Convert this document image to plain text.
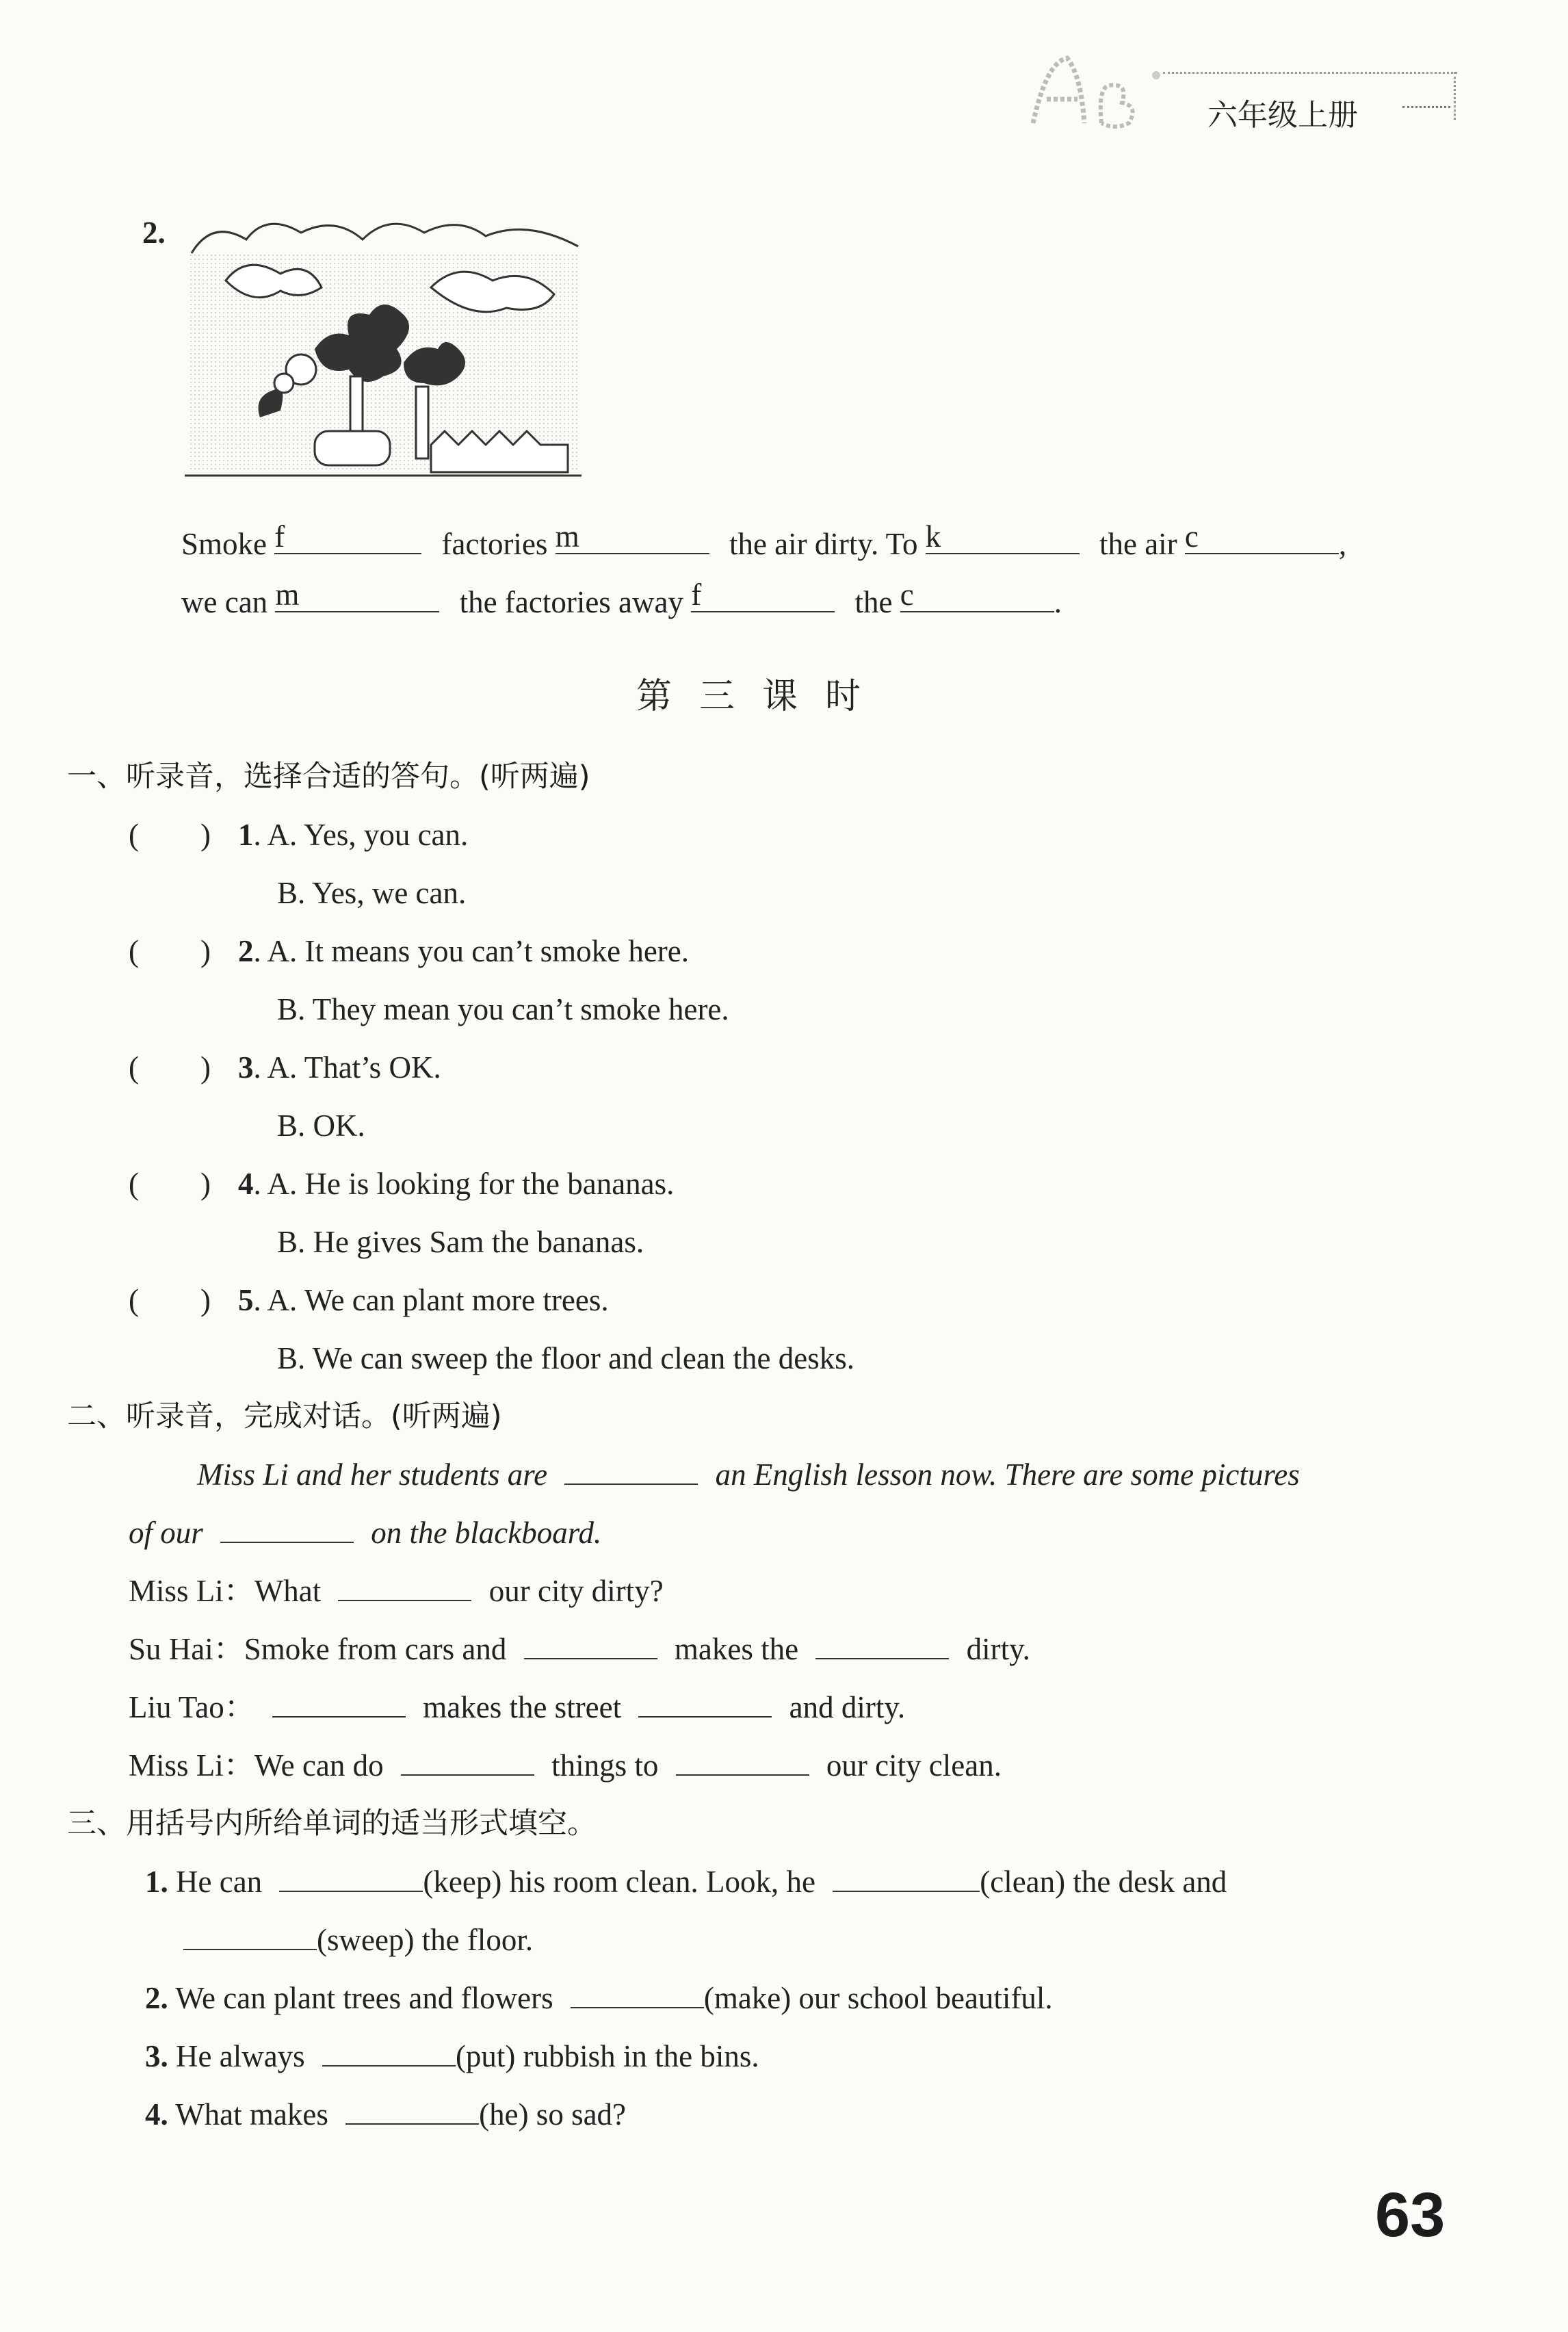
六年级上册
2.
Smoke f	factories m	the air dirty. To k	the air c	,
we can m	the factories away f	the c	.
第三课时
一、听录音，选择合适的答句。(听两遍)
(　　) 1. A. Yes, you can.
B. Yes, we can.
(　　) 2. A. It means you can’t smoke here.
B. They mean you can’t smoke here.
(　　) 3. A. That’s OK.
B. OK.
(　　) 4. A. He is looking for the bananas.
B. He gives Sam the bananas.
(　　) 5. A. We can plant more trees.
B. We can sweep the floor and clean the desks.
二、听录音，完成对话。(听两遍)
Miss Li and her students are	an English lesson now. There are some pictures
of our	on the blackboard.
Miss Li：What	our city dirty?
Su Hai：Smoke from cars and	makes the	dirty.
Liu Tao：	makes the street	and dirty.
Miss Li：We can do	things to	our city clean.
三、用括号内所给单词的适当形式填空。
1. He can	(keep) his room clean. Look, he	(clean) the desk and
(sweep) the floor.
2. We can plant trees and flowers	(make) our school beautiful.
3. He always	(put) rubbish in the bins.
4. What makes	(he) so sad?
63
